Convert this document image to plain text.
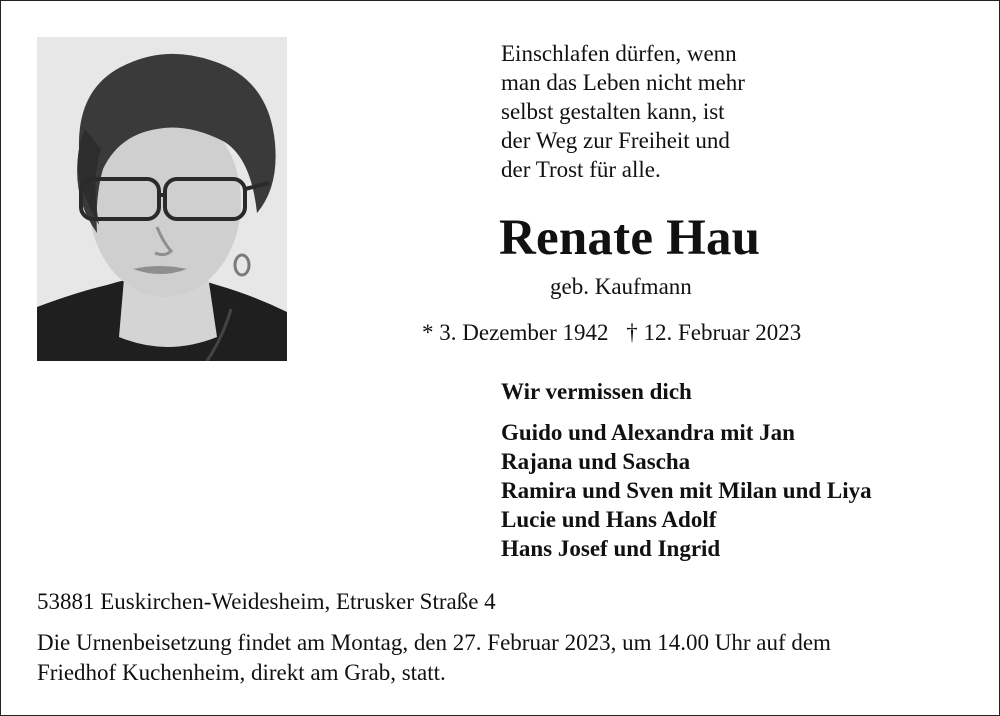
Einschlafen dürfen, wenn
man das Leben nicht mehr
selbst gestalten kann, ist
der Weg zur Freiheit und
der Trost für alle.
Renate Hau
geb. Kaufmann
* 3. Dezember 1942 † 12. Februar 2023
Wir vermissen dich
Guido und Alexandra mit Jan
Rajana und Sascha
Ramira und Sven mit Milan und Liya
Lucie und Hans Adolf
Hans Josef und Ingrid
53881 Euskirchen-Weidesheim, Etrusker Straße 4
Die Urnenbeisetzung findet am Montag, den 27. Februar 2023, um 14.00 Uhr auf dem
Friedhof Kuchenheim, direkt am Grab, statt.
